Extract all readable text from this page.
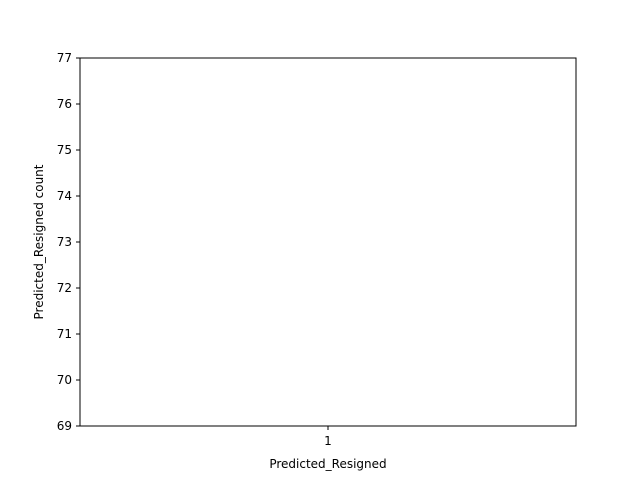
69
70
71
72
73
74
75
76
77
1
Predicted_Resigned
Predicted_Resigned count
